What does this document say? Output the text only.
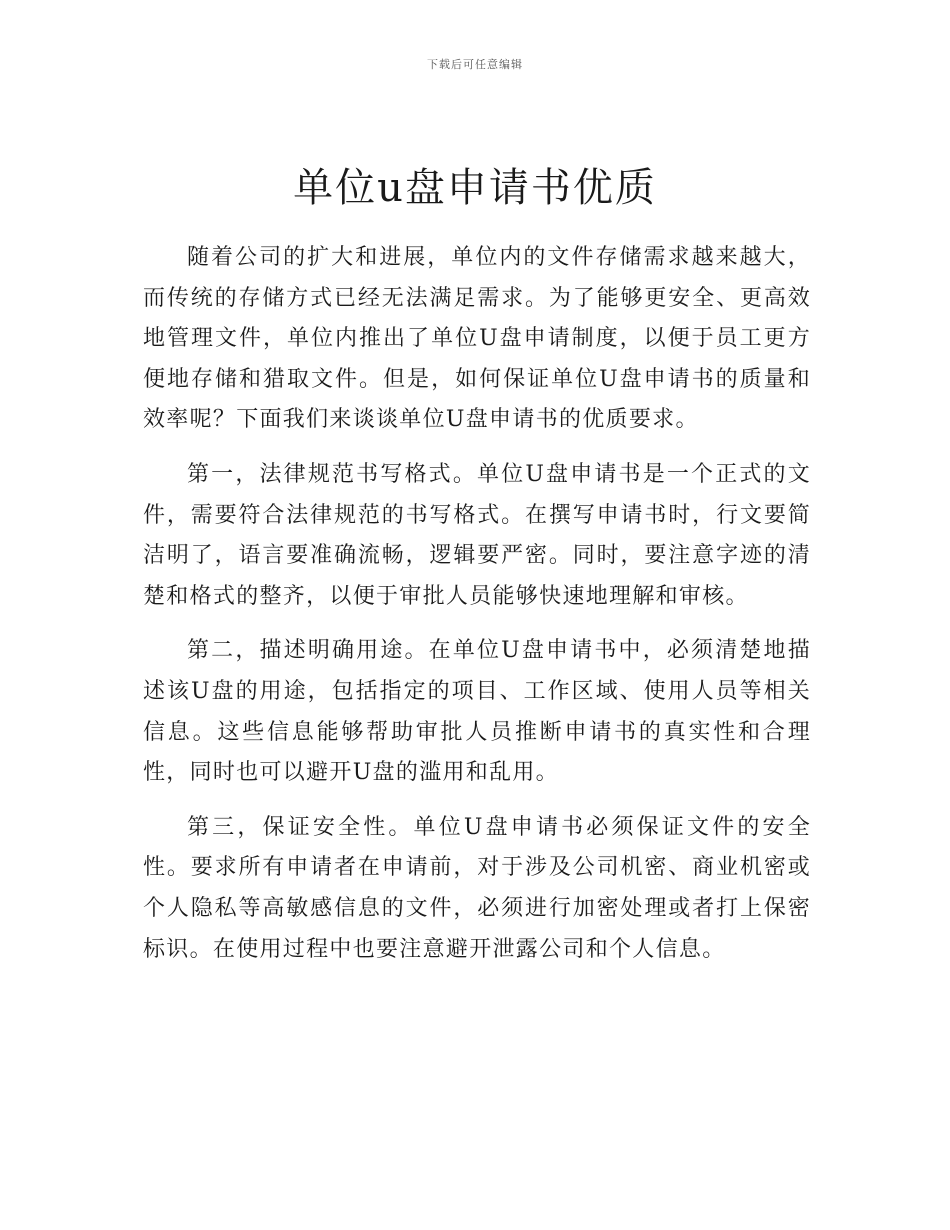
下载后可任意编辑
单位u盘申请书优质

随着公司的扩大和进展，单位内的文件存储需求越来越大，而传统的存储方式已经无法满足需求。为了能够更安全、更高效地管理文件，单位内推出了单位U盘申请制度，以便于员工更方便地存储和猎取文件。但是，如何保证单位U盘申请书的质量和效率呢？下面我们来谈谈单位U盘申请书的优质要求。

第一，法律规范书写格式。单位U盘申请书是一个正式的文件，需要符合法律规范的书写格式。在撰写申请书时，行文要简洁明了，语言要准确流畅，逻辑要严密。同时，要注意字迹的清楚和格式的整齐，以便于审批人员能够快速地理解和审核。

第二，描述明确用途。在单位U盘申请书中，必须清楚地描述该U盘的用途，包括指定的项目、工作区域、使用人员等相关信息。这些信息能够帮助审批人员推断申请书的真实性和合理性，同时也可以避开U盘的滥用和乱用。

第三，保证安全性。单位U盘申请书必须保证文件的安全性。要求所有申请者在申请前，对于涉及公司机密、商业机密或个人隐私等高敏感信息的文件，必须进行加密处理或者打上保密标识。在使用过程中也要注意避开泄露公司和个人信息。
